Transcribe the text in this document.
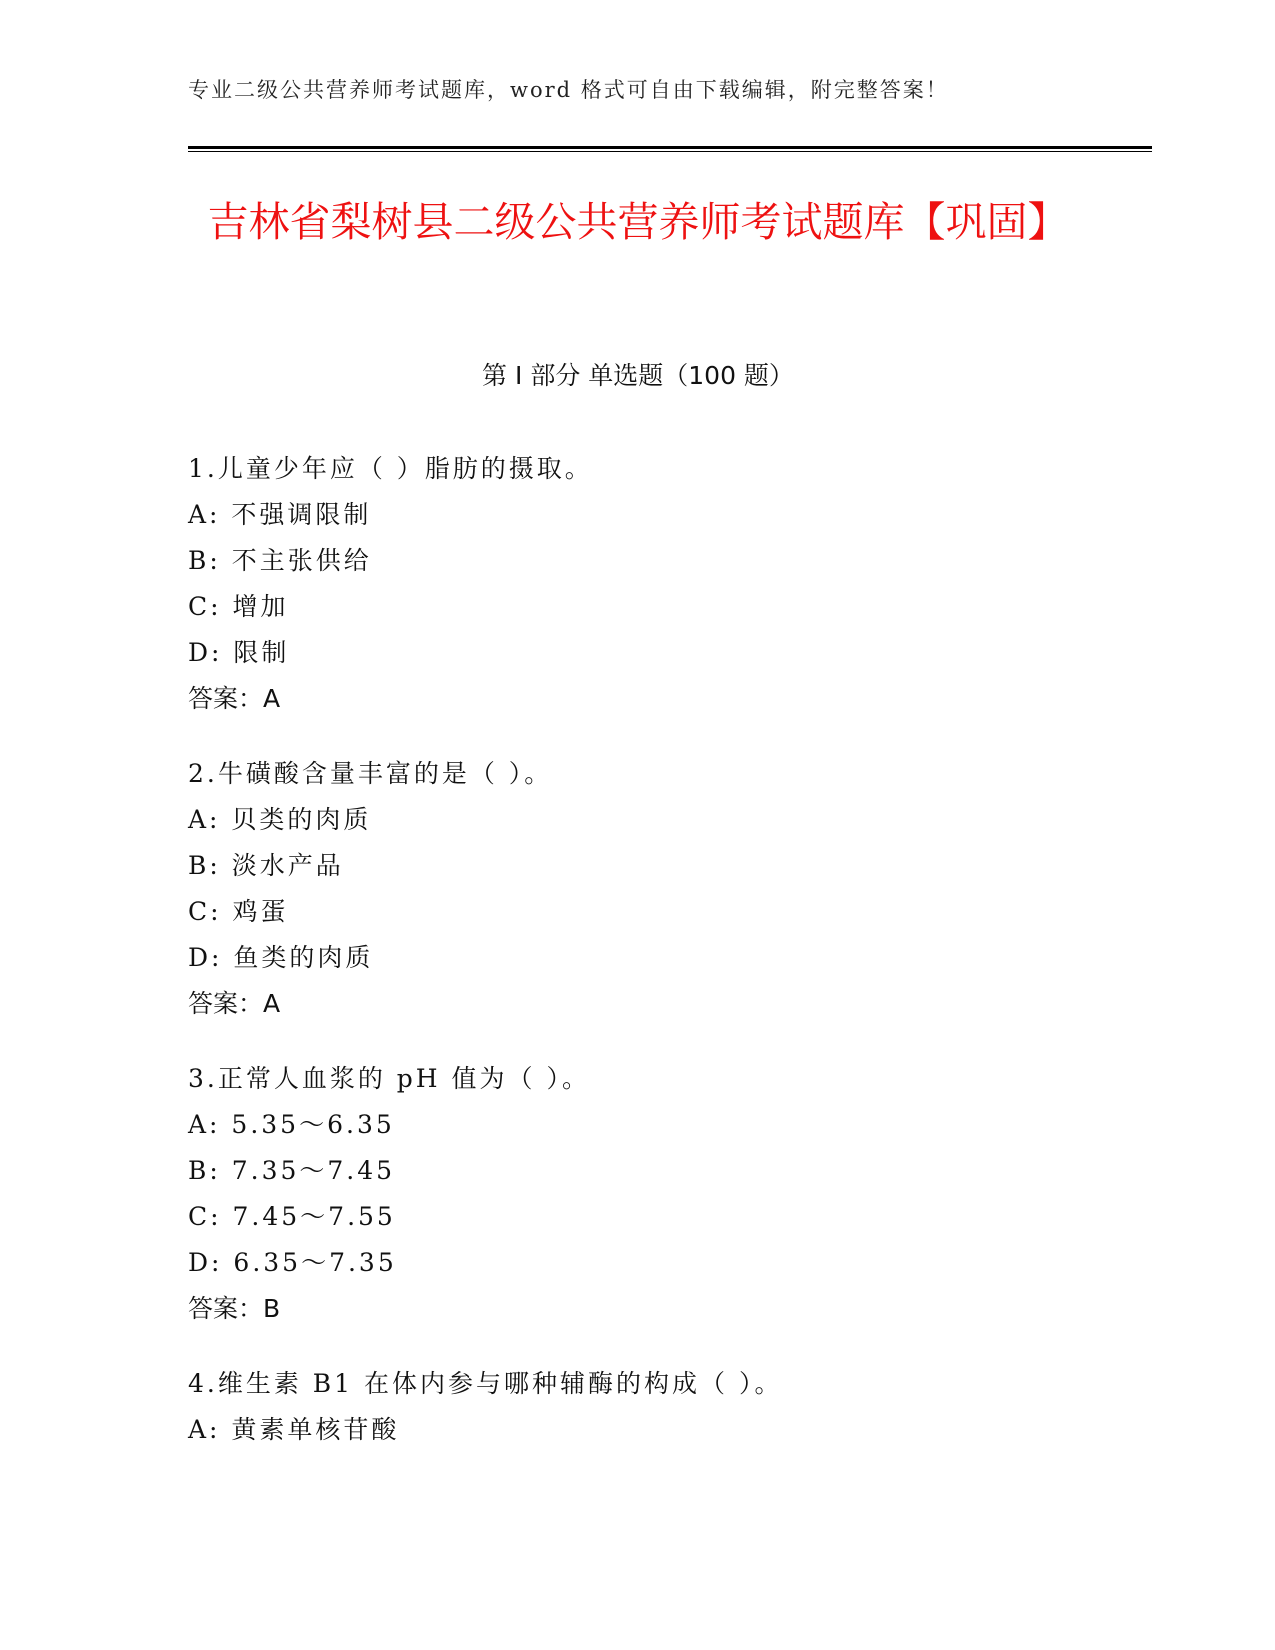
专业二级公共营养师考试题库，word 格式可自由下载编辑，附完整答案！
吉林省梨树县二级公共营养师考试题库【巩固】
第 I 部分 单选题（100 题）
1.儿童少年应（ ）脂肪的摄取。
A: 不强调限制
B: 不主张供给
C: 增加
D: 限制
答案：A
2.牛磺酸含量丰富的是（ ）。
A: 贝类的肉质
B: 淡水产品
C: 鸡蛋
D: 鱼类的肉质
答案：A
3.正常人血浆的 pH 值为（ ）。
A: 5.35～6.35
B: 7.35～7.45
C: 7.45～7.55
D: 6.35～7.35
答案：B
4.维生素 B1 在体内参与哪种辅酶的构成（ ）。
A: 黄素单核苷酸
